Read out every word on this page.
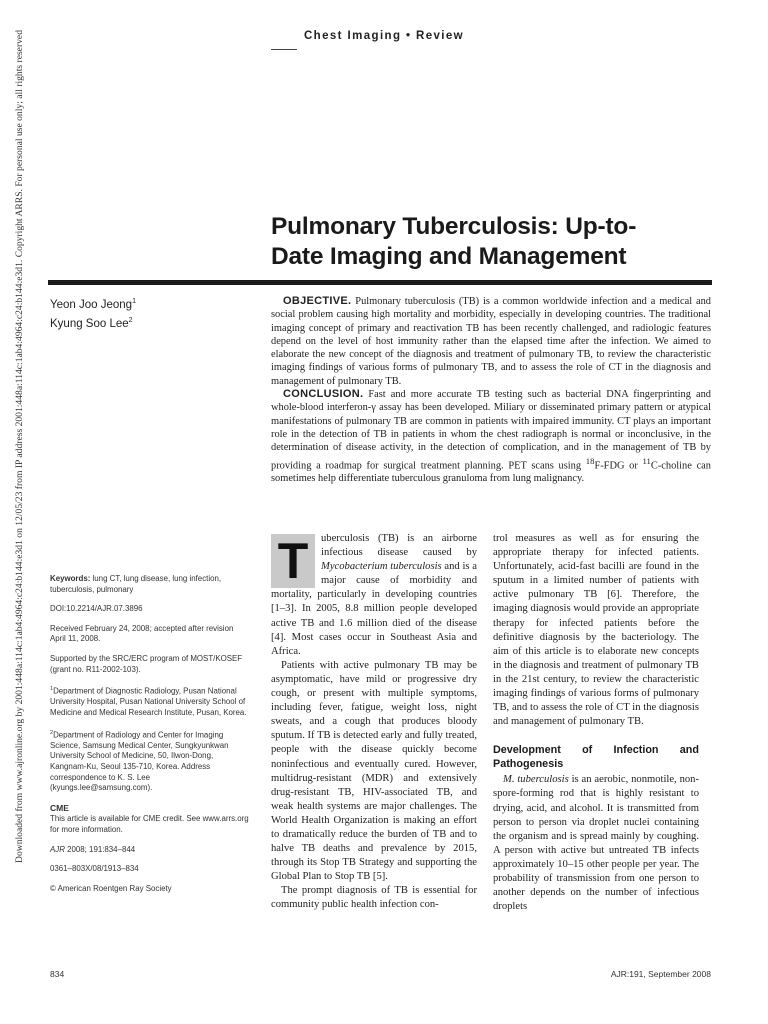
Downloaded from www.ajronline.org by 2001:448a:114c:1ab4:4964:c24:b144:e3d1 on 12/05/23 from IP address 2001:448a:114c:1ab4:4964:c24:b144:e3d1. Copyright ARRS. For personal use only; all rights reserved	Chest Imaging • Review
Pulmonary Tuberculosis: Up-to-
Date Imaging and Management
Yeon Joo Jeong$^1$
Kyung Soo Lee$^2$

OBJECTIVE. Pulmonary tuberculosis (TB) is a common worldwide infection and a medical and social problem causing high mortality and morbidity, especially in developing countries. The traditional imaging concept of primary and reactivation TB has been recently challenged, and radiologic features depend on the level of host immunity rather than the elapsed time after the infection. We aimed to elaborate the new concept of the diagnosis and treatment of pulmonary TB, to review the characteristic imaging findings of various forms of pulmonary TB, and to assess the role of CT in the diagnosis and management of pulmonary TB.

CONCLUSION. Fast and more accurate TB testing such as bacterial DNA fingerprinting and whole-blood interferon-γ assay has been developed. Miliary or disseminated primary pattern or atypical manifestations of pulmonary TB are common in patients with impaired immunity. CT plays an important role in the detection of TB in patients in whom the chest radiograph is normal or inconclusive, in the determination of disease activity, in the detection of complication, and in the management of TB by providing a roadmap for surgical treatment planning. PET scans using $^{18}$F-FDG or $^{11}$C-choline can sometimes help differentiate tuberculous granuloma from lung malignancy.

Keywords: lung CT, lung disease, lung infection, tuberculosis, pulmonary

DOI:10.2214/AJR.07.3896

Received February 24, 2008; accepted after revision April 11, 2008.

Supported by the SRC/ERC program of MOST/KOSEF (grant no. R11-2002-103).

$^1$Department of Diagnostic Radiology, Pusan National University Hospital, Pusan National University School of Medicine and Medical Research Institute, Pusan, Korea.

$^2$Department of Radiology and Center for Imaging Science, Samsung Medical Center, Sungkyunkwan University School of Medicine, 50, Ilwon-Dong, Kangnam-Ku, Seoul 135-710, Korea. Address correspondence to K. S. Lee (kyungs.lee@samsung.com).

CME

This article is available for CME credit. See www.arrs.org for more information.

AJR 2008; 191:834–844

0361–803X/08/1913–834

© American Roentgen Ray Society

T	uberculosis (TB) is an airborne infectious disease caused by Mycobacterium tuberculosis and is a major cause of morbidity and mortality, particularly in developing countries [1–3]. In 2005, 8.8 million people developed active TB and 1.6 million died of the disease [4]. Most cases occur in Southeast Asia and Africa.

Patients with active pulmonary TB may be asymptomatic, have mild or progressive dry cough, or present with multiple symptoms, including fever, fatigue, weight loss, night sweats, and a cough that produces bloody sputum. If TB is detected early and fully treated, people with the disease quickly become noninfectious and eventually cured. However, multidrug-resistant (MDR) and extensively drug-resistant TB, HIV-associated TB, and weak health systems are major challenges. The World Health Organization is making an effort to dramatically reduce the burden of TB and to halve TB deaths and prevalence by 2015, through its Stop TB Strategy and supporting the Global Plan to Stop TB [5].

The prompt diagnosis of TB is essential for community public health infection con-

trol measures as well as for ensuring the appropriate therapy for infected patients. Unfortunately, acid-fast bacilli are found in the sputum in a limited number of patients with active pulmonary TB [6]. Therefore, the imaging diagnosis would provide an appropriate therapy for infected patients before the definitive diagnosis by the bacteriology. The aim of this article is to elaborate new concepts in the diagnosis and treatment of pulmonary TB in the 21st century, to review the characteristic imaging findings of various forms of pulmonary TB, and to assess the role of CT in the diagnosis and management of pulmonary TB.

Development of Infection and Pathogenesis

M. tuberculosis is an aerobic, nonmotile, non-spore-forming rod that is highly resistant to drying, acid, and alcohol. It is transmitted from person to person via droplet nuclei containing the organism and is spread mainly by coughing. A person with active but untreated TB infects approximately 10–15 other people per year. The probability of transmission from one person to another depends on the number of infectious droplets

834	AJR:191, September 2008
